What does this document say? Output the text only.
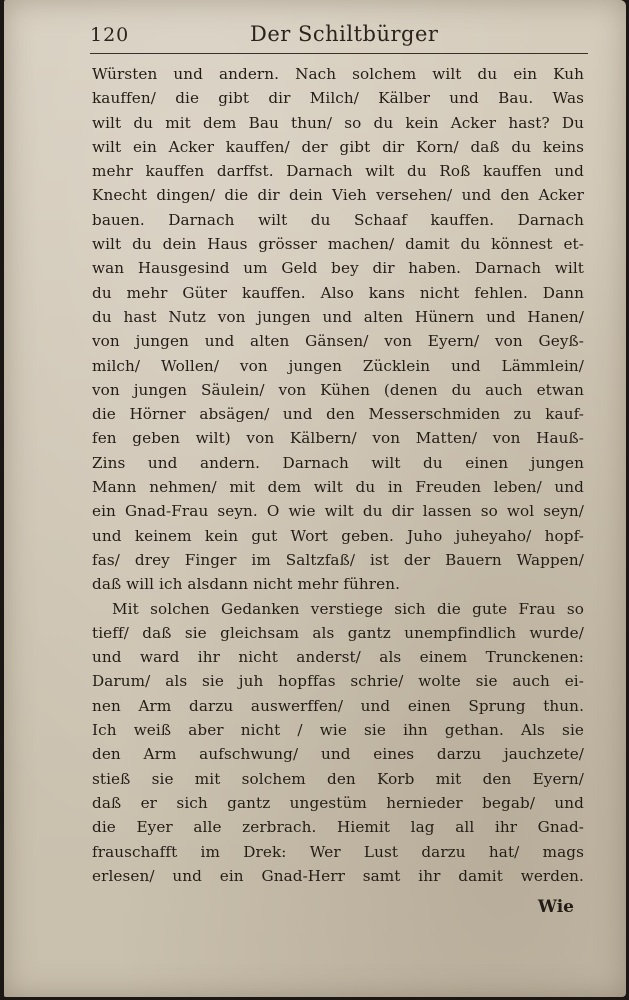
120	Der Schiltbürger
Würsten und andern. Nach solchem wilt du ein Kuh
kauffen/ die gibt dir Milch/ Kälber und Bau. Was
wilt du mit dem Bau thun/ so du kein Acker hast? Du
wilt ein Acker kauffen/ der gibt dir Korn/ daß du keins
mehr kauffen darffst. Darnach wilt du Roß kauffen und
Knecht dingen/ die dir dein Vieh versehen/ und den Acker
bauen. Darnach wilt du Schaaf kauffen. Darnach
wilt du dein Haus grösser machen/ damit du könnest et-
wan Hausgesind um Geld bey dir haben. Darnach wilt
du mehr Güter kauffen. Also kans nicht fehlen. Dann
du hast Nutz von jungen und alten Hünern und Hanen/
von jungen und alten Gänsen/ von Eyern/ von Geyß-
milch/ Wollen/ von jungen Zücklein und Lämmlein/
von jungen Säulein/ von Kühen (denen du auch etwan
die Hörner absägen/ und den Messerschmiden zu kauf-
fen geben wilt) von Kälbern/ von Matten/ von Hauß-
Zins und andern. Darnach wilt du einen jungen
Mann nehmen/ mit dem wilt du in Freuden leben/ und
ein Gnad-Frau seyn. O wie wilt du dir lassen so wol seyn/
und keinem kein gut Wort geben. Juho juheyaho/ hopf-
fas/ drey Finger im Saltzfaß/ ist der Bauern Wappen/
daß will ich alsdann nicht mehr führen.
Mit solchen Gedanken verstiege sich die gute Frau so
tieff/ daß sie gleichsam als gantz unempfindlich wurde/
und ward ihr nicht anderst/ als einem Trunckenen:
Darum/ als sie juh hopffas schrie/ wolte sie auch ei-
nen Arm darzu auswerffen/ und einen Sprung thun.
Ich weiß aber nicht / wie sie ihn gethan. Als sie
den Arm aufschwung/ und eines darzu jauchzete/
stieß sie mit solchem den Korb mit den Eyern/
daß er sich gantz ungestüm hernieder begab/ und
die Eyer alle zerbrach. Hiemit lag all ihr Gnad-
frauschafft im Drek: Wer Lust darzu hat/ mags
erlesen/ und ein Gnad-Herr samt ihr damit werden.
Wie
